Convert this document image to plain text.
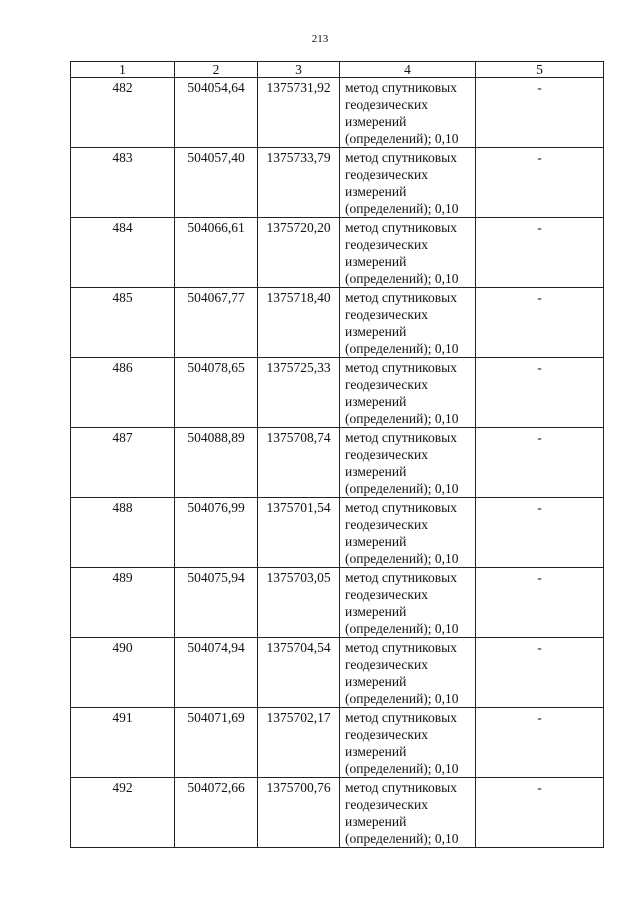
213
1	2	3	4	5
482	504054,64	1375731,92	метод спутниковых
геодезических
измерений
(определений); 0,10	-
483	504057,40	1375733,79	метод спутниковых
геодезических
измерений
(определений); 0,10	-
484	504066,61	1375720,20	метод спутниковых
геодезических
измерений
(определений); 0,10	-
485	504067,77	1375718,40	метод спутниковых
геодезических
измерений
(определений); 0,10	-
486	504078,65	1375725,33	метод спутниковых
геодезических
измерений
(определений); 0,10	-
487	504088,89	1375708,74	метод спутниковых
геодезических
измерений
(определений); 0,10	-
488	504076,99	1375701,54	метод спутниковых
геодезических
измерений
(определений); 0,10	-
489	504075,94	1375703,05	метод спутниковых
геодезических
измерений
(определений); 0,10	-
490	504074,94	1375704,54	метод спутниковых
геодезических
измерений
(определений); 0,10	-
491	504071,69	1375702,17	метод спутниковых
геодезических
измерений
(определений); 0,10	-
492	504072,66	1375700,76	метод спутниковых
геодезических
измерений
(определений); 0,10	-
